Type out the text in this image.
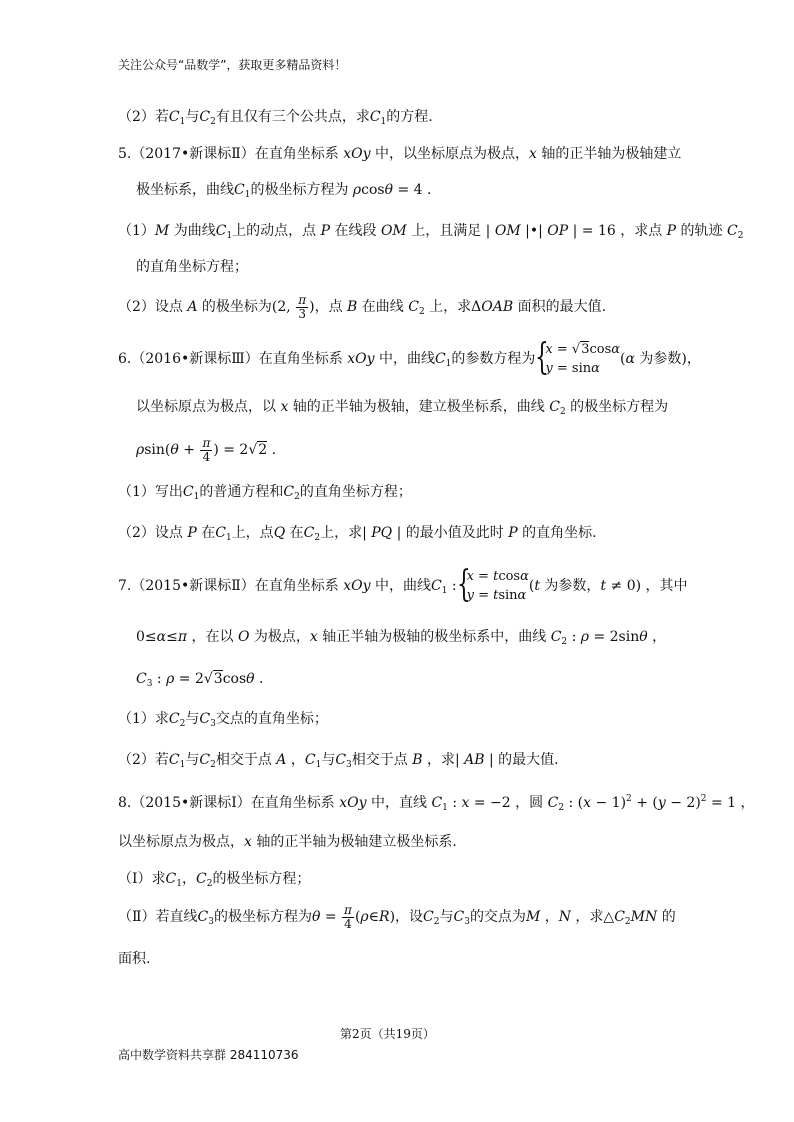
关注公众号“品数学”，获取更多精品资料！
（2）若$C_1$与$C_2$有且仅有三个公共点，求$C_1$的方程.
5.（2017•新课标Ⅱ）在直角坐标系 xOy 中，以坐标原点为极点，x 轴的正半轴为极轴建立
极坐标系，曲线$C_1$的极坐标方程为 ρcosθ = 4 .
（1）M 为曲线$C_1$上的动点，点 P 在线段 OM 上，且满足 | OM |•| OP | = 16 ，求点 P 的轨迹 $C_2$
的直角坐标方程；
（2）设点 A 的极坐标为(2, $\frac{\pi}{3}$ )，点 B 在曲线 $C_2$ 上，求ΔOAB 面积的最大值.
6.（2016•新课标Ⅲ）在直角坐标系 xOy 中，曲线$C_1$的参数方程为 {
x = √3cosα
y = sinα
(α 为参数)，
以坐标原点为极点，以 x 轴的正半轴为极轴，建立极坐标系，曲线 $C_2$ 的极坐标方程为
$\rho\sin(\theta + \frac{\pi}{4}$ ) = 2√2 .
（1）写出$C_1$的普通方程和$C_2$的直角坐标方程；
（2）设点 P 在$C_1$上，点Q 在$C_2$上，求| PQ | 的最小值及此时 P 的直角坐标.
7.（2015•新课标Ⅱ）在直角坐标系 xOy 中，曲线$C_1$ : {
x = tcosα
y = tsinα
(t 为参数，t ≠ 0) ，其中
0≤α≤π ，在以 O 为极点，x 轴正半轴为极轴的极坐标系中，曲线 $C_2$ : ρ = 2sinθ ，
$C_3$ : ρ = 2√3cosθ .
（1）求$C_2$与$C_3$交点的直角坐标；
（2）若$C_1$与$C_2$相交于点 A ，$C_1$与$C_3$相交于点 B ，求| AB | 的最大值.
8.（2015•新课标Ⅰ）在直角坐标系 xOy 中，直线 $C_1$ : x = −2 ，圆 $C_2$ : $(x - 1)^2 + (y - 2)^2 = 1$ ，
以坐标原点为极点，x 轴的正半轴为极轴建立极坐标系.
（Ⅰ）求$C_1$，$C_2$的极坐标方程；
（Ⅱ）若直线$C_3$的极坐标方程为$\theta = \frac{\pi}{4}$ (ρ∈R)，设$C_2$与$C_3$的交点为M ，N ，求$\triangle C_2MN$ 的
面积.
第2页（共19页）
高中数学资料共享群 284110736
